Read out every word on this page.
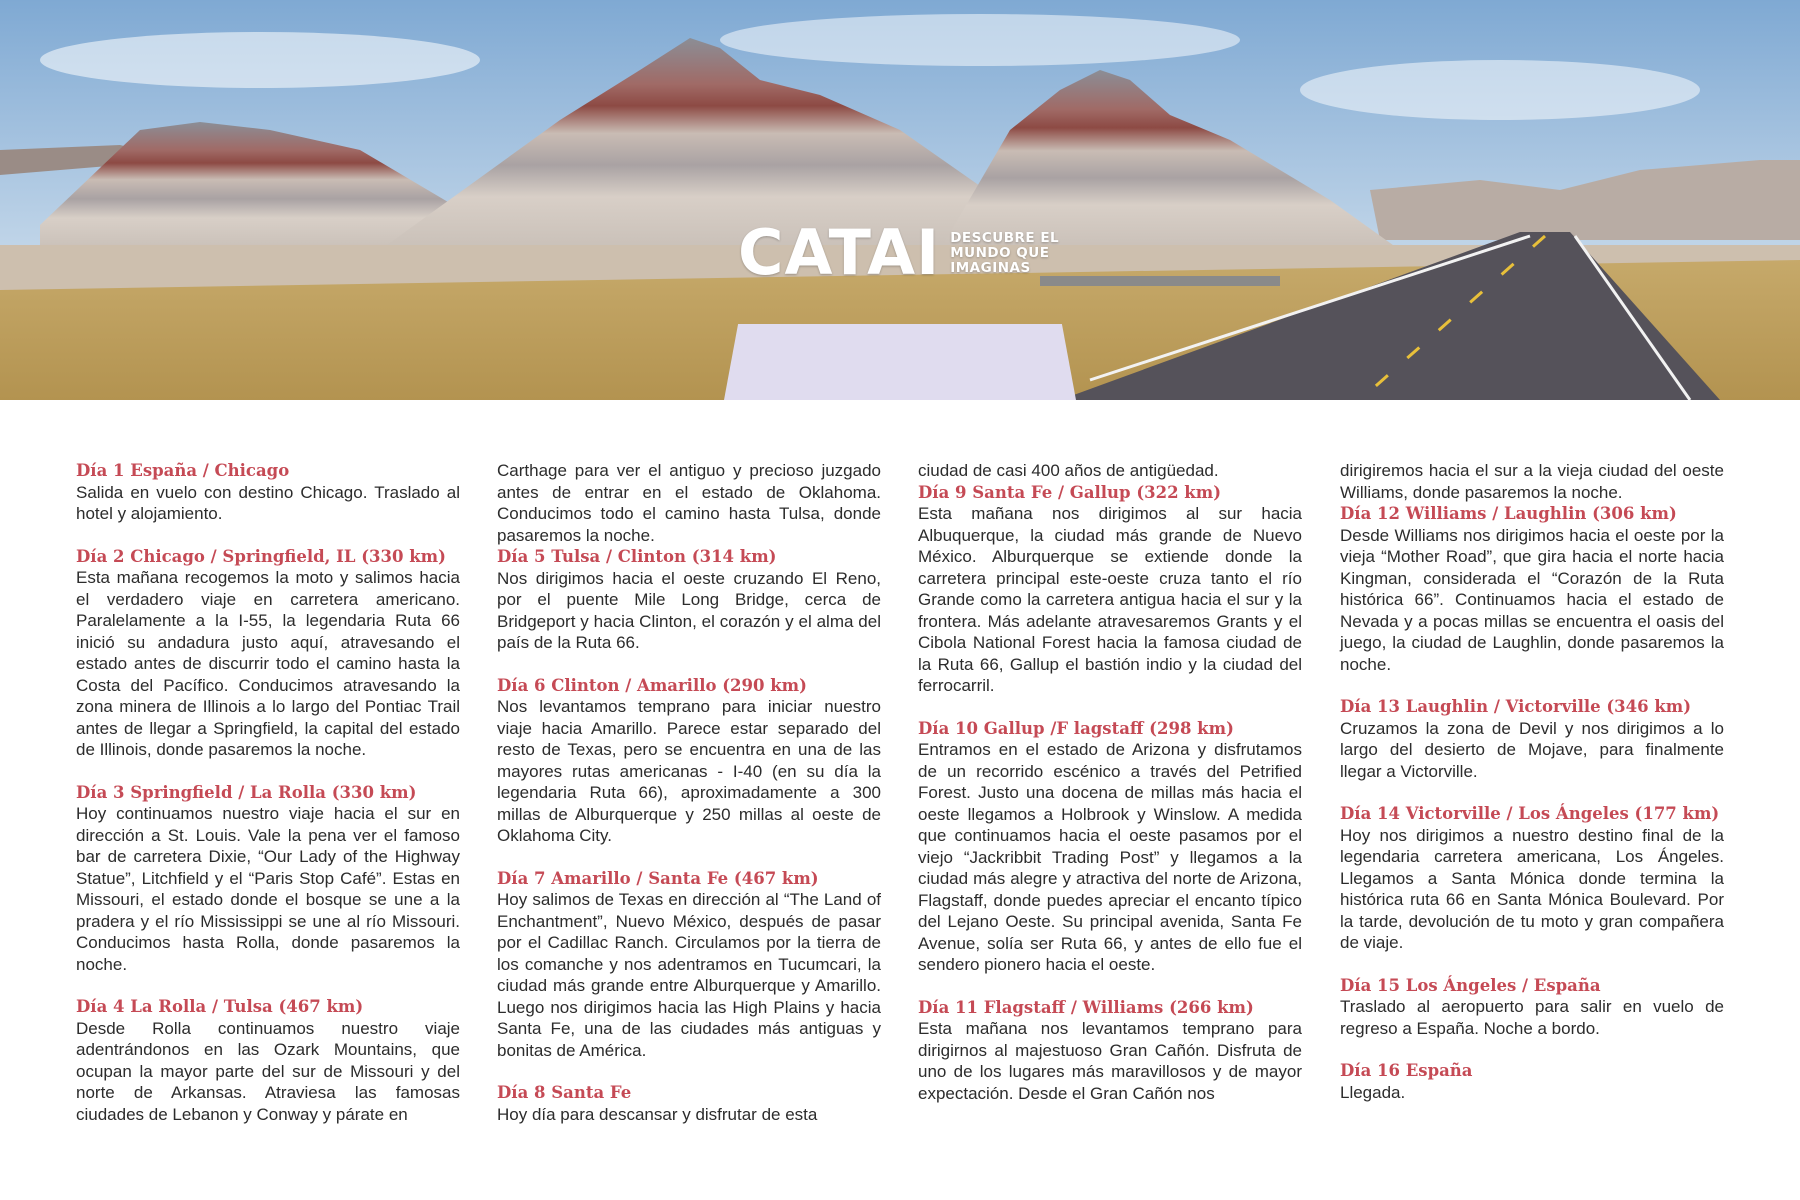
CATAI DESCUBRE EL
MUNDO QUE
IMAGINAS
Día 1 España / Chicago

Salida en vuelo con destino Chicago. Traslado al hotel y alojamiento.

Día 2 Chicago / Springfield, IL (330 km)

Esta mañana recogemos la moto y salimos hacia el verdadero viaje en carretera americano. Paralelamente a la I-55, la legendaria Ruta 66 inició su andadura justo aquí, atravesando el estado antes de discurrir todo el camino hasta la Costa del Pacífico. Conducimos atravesando la zona minera de Illinois a lo largo del Pontiac Trail antes de llegar a Springfield, la capital del estado de Illinois, donde pasaremos la noche.

Día 3 Springfield / La Rolla (330 km)

Hoy continuamos nuestro viaje hacia el sur en dirección a St. Louis. Vale la pena ver el famoso bar de carretera Dixie, “Our Lady of the Highway Statue”, Litchfield y el “Paris Stop Café”. Estas en Missouri, el estado donde el bosque se une a la pradera y el río Mississippi se une al río Missouri. Conducimos hasta Rolla, donde pasaremos la noche.

Día 4 La Rolla / Tulsa (467 km)

Desde Rolla continuamos nuestro viaje adentrándonos en las Ozark Mountains, que ocupan la mayor parte del sur de Missouri y del norte de Arkansas. Atraviesa las famosas ciudades de Lebanon y Conway y párate en

Carthage para ver el antiguo y precioso juzgado antes de entrar en el estado de Oklahoma. Conducimos todo el camino hasta Tulsa, donde pasaremos la noche.

Día 5 Tulsa / Clinton (314 km)

Nos dirigimos hacia el oeste cruzando El Reno, por el puente Mile Long Bridge, cerca de Bridgeport y hacia Clinton, el corazón y el alma del país de la Ruta 66.

Día 6 Clinton / Amarillo (290 km)

Nos levantamos temprano para iniciar nuestro viaje hacia Amarillo. Parece estar separado del resto de Texas, pero se encuentra en una de las mayores rutas americanas - I-40 (en su día la legendaria Ruta 66), aproximadamente a 300 millas de Alburquerque y 250 millas al oeste de Oklahoma City.

Día 7 Amarillo / Santa Fe (467 km)

Hoy salimos de Texas en dirección al “The Land of Enchantment”, Nuevo México, después de pasar por el Cadillac Ranch. Circulamos por la tierra de los comanche y nos adentramos en Tucumcari, la ciudad más grande entre Alburquerque y Amarillo. Luego nos dirigimos hacia las High Plains y hacia Santa Fe, una de las ciudades más antiguas y bonitas de América.

Día 8 Santa Fe

Hoy día para descansar y disfrutar de esta

ciudad de casi 400 años de antigüedad.

Día 9 Santa Fe / Gallup (322 km)

Esta mañana nos dirigimos al sur hacia Albuquerque, la ciudad más grande de Nuevo México. Alburquerque se extiende donde la carretera principal este-oeste cruza tanto el río Grande como la carretera antigua hacia el sur y la frontera. Más adelante atravesaremos Grants y el Cibola National Forest hacia la famosa ciudad de la Ruta 66, Gallup el bastión indio y la ciudad del ferrocarril.

Día 10 Gallup /F lagstaff (298 km)

Entramos en el estado de Arizona y disfrutamos de un recorrido escénico a través del Petrified Forest. Justo una docena de millas más hacia el oeste llegamos a Holbrook y Winslow. A medida que continuamos hacia el oeste pasamos por el viejo “Jackribbit Trading Post” y llegamos a la ciudad más alegre y atractiva del norte de Arizona, Flagstaff, donde puedes apreciar el encanto típico del Lejano Oeste. Su principal avenida, Santa Fe Avenue, solía ser Ruta 66, y antes de ello fue el sendero pionero hacia el oeste.

Día 11 Flagstaff / Williams (266 km)

Esta mañana nos levantamos temprano para dirigirnos al majestuoso Gran Cañón. Disfruta de uno de los lugares más maravillosos y de mayor expectación. Desde el Gran Cañón nos

dirigiremos hacia el sur a la vieja ciudad del oeste Williams, donde pasaremos la noche.

Día 12 Williams / Laughlin (306 km)

Desde Williams nos dirigimos hacia el oeste por la vieja “Mother Road”, que gira hacia el norte hacia Kingman, considerada el “Corazón de la Ruta histórica 66”. Continuamos hacia el estado de Nevada y a pocas millas se encuentra el oasis del juego, la ciudad de Laughlin, donde pasaremos la noche.

Día 13 Laughlin / Victorville (346 km)

Cruzamos la zona de Devil y nos dirigimos a lo largo del desierto de Mojave, para finalmente llegar a Victorville.

Día 14 Victorville / Los Ángeles (177 km)

Hoy nos dirigimos a nuestro destino final de la legendaria carretera americana, Los Ángeles. Llegamos a Santa Mónica donde termina la histórica ruta 66 en Santa Mónica Boulevard. Por la tarde, devolución de tu moto y gran compañera de viaje.

Día 15 Los Ángeles / España

Traslado al aeropuerto para salir en vuelo de regreso a España. Noche a bordo.

Día 16 España

Llegada.
